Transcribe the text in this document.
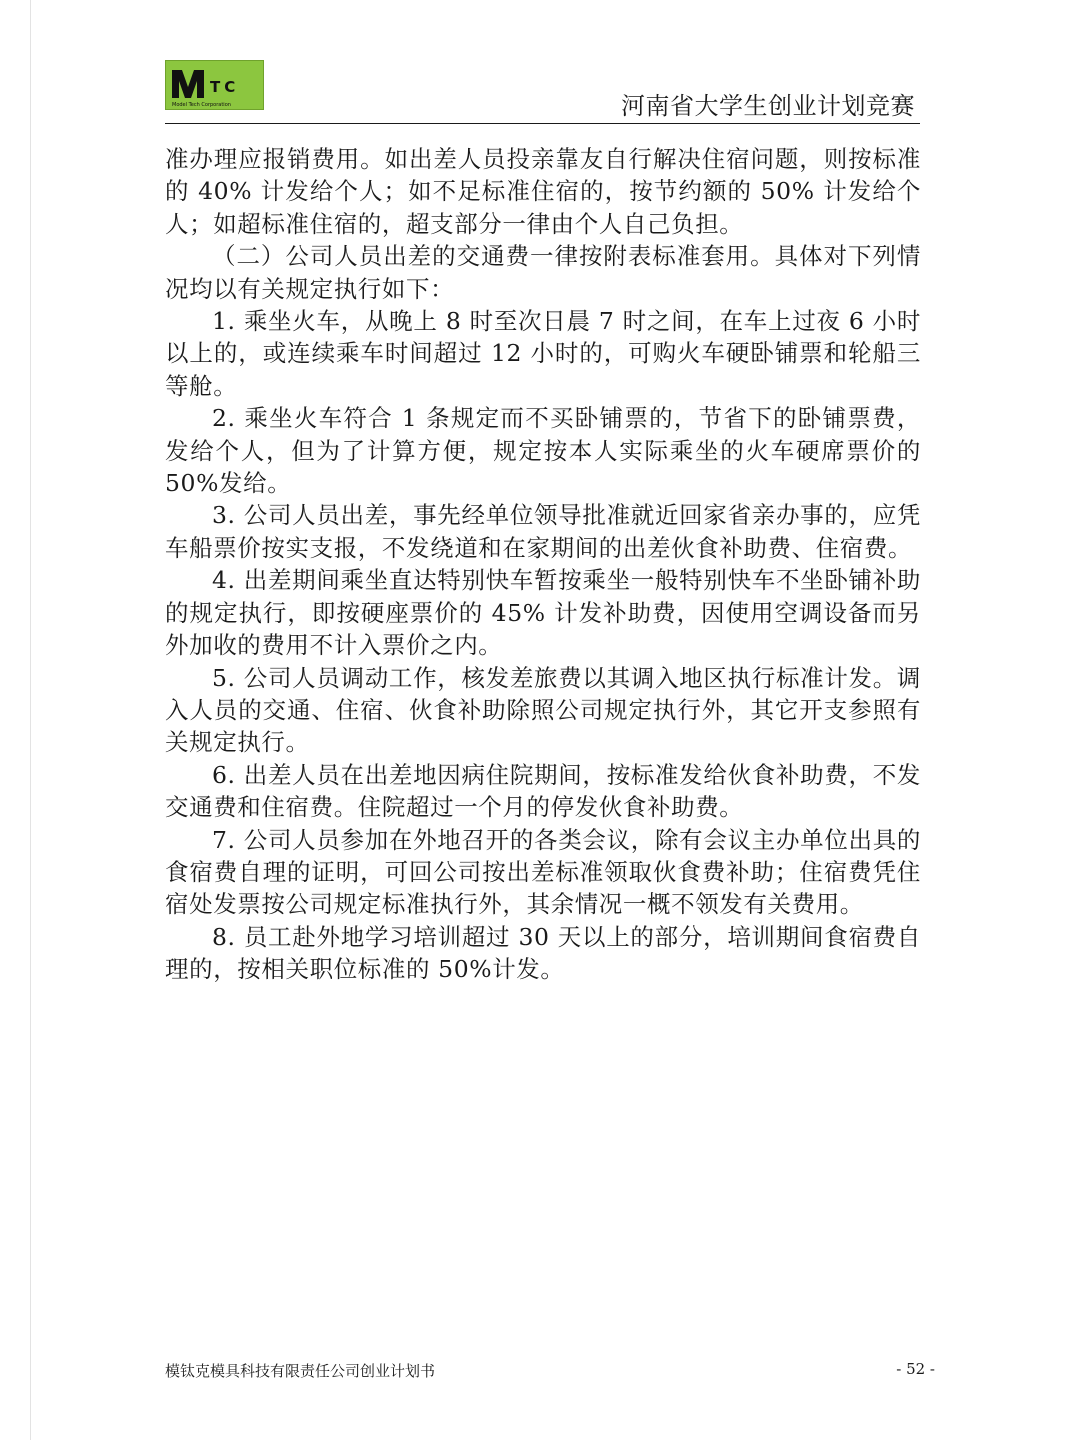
TC
Model Tech Corporation	河南省大学生创业计划竞赛

准办理应报销费用。如出差人员投亲靠友自行解决住宿问题，则按标准的 40% 计发给个人；如不足标准住宿的，按节约额的 50% 计发给个人；如超标准住宿的，超支部分一律由个人自己负担。

（二）公司人员出差的交通费一律按附表标准套用。具体对下列情况均以有关规定执行如下：

1. 乘坐火车，从晚上 8 时至次日晨 7 时之间，在车上过夜 6 小时以上的，或连续乘车时间超过 12 小时的，可购火车硬卧铺票和轮船三等舱。

2. 乘坐火车符合 1 条规定而不买卧铺票的，节省下的卧铺票费，发给个人，但为了计算方便，规定按本人实际乘坐的火车硬席票价的 50%发给。

3. 公司人员出差，事先经单位领导批准就近回家省亲办事的，应凭车船票价按实支报，不发绕道和在家期间的出差伙食补助费、住宿费。

4. 出差期间乘坐直达特别快车暂按乘坐一般特别快车不坐卧铺补助的规定执行，即按硬座票价的 45% 计发补助费，因使用空调设备而另外加收的费用不计入票价之内。

5. 公司人员调动工作，核发差旅费以其调入地区执行标准计发。调入人员的交通、住宿、伙食补助除照公司规定执行外，其它开支参照有关规定执行。

6. 出差人员在出差地因病住院期间，按标准发给伙食补助费，不发交通费和住宿费。住院超过一个月的停发伙食补助费。

7. 公司人员参加在外地召开的各类会议，除有会议主办单位出具的食宿费自理的证明，可回公司按出差标准领取伙食费补助；住宿费凭住宿处发票按公司规定标准执行外，其余情况一概不领发有关费用。

8. 员工赴外地学习培训超过 30 天以上的部分，培训期间食宿费自理的，按相关职位标准的 50%计发。

模钛克模具科技有限责任公司创业计划书	- 52 -
